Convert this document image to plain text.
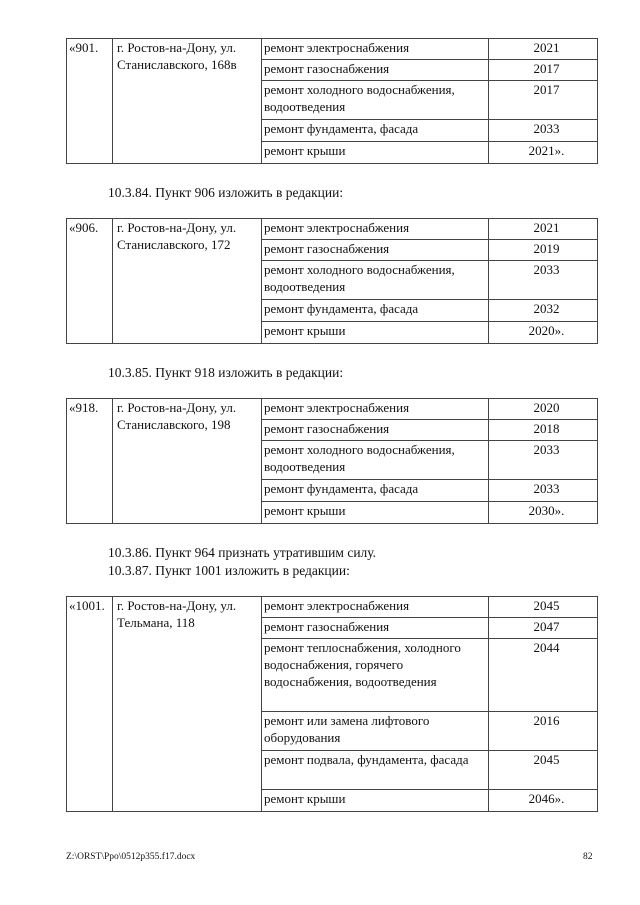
«901.	г. Ростов-на-Дону, ул. Станиславского, 168в	ремонт электроснабжения	2021
		ремонт газоснабжения	2017
		ремонт холодного водоснабжения, водоотведения	2017
		ремонт фундамента, фасада	2033
		ремонт крыши	2021».

10.3.84. Пункт 906 изложить в редакции:

«906.	г. Ростов-на-Дону, ул. Станиславского, 172	ремонт электроснабжения	2021
		ремонт газоснабжения	2019
		ремонт холодного водоснабжения, водоотведения	2033
		ремонт фундамента, фасада	2032
		ремонт крыши	2020».

10.3.85. Пункт 918 изложить в редакции:

«918.	г. Ростов-на-Дону, ул. Станиславского, 198	ремонт электроснабжения	2020
		ремонт газоснабжения	2018
		ремонт холодного водоснабжения, водоотведения	2033
		ремонт фундамента, фасада	2033
		ремонт крыши	2030».

10.3.86. Пункт 964 признать утратившим силу.

10.3.87. Пункт 1001 изложить в редакции:

«1001.	г. Ростов-на-Дону, ул. Тельмана, 118	ремонт электроснабжения	2045
		ремонт газоснабжения	2047
		ремонт теплоснабжения, холодного водоснабжения, горячего водоснабжения, водоотведения	2044
		ремонт или замена лифтового оборудования	2016
		ремонт подвала, фундамента, фасада	2045
		ремонт крыши	2046».
Z:\ORST\Ppo\0512p355.f17.docx	82
